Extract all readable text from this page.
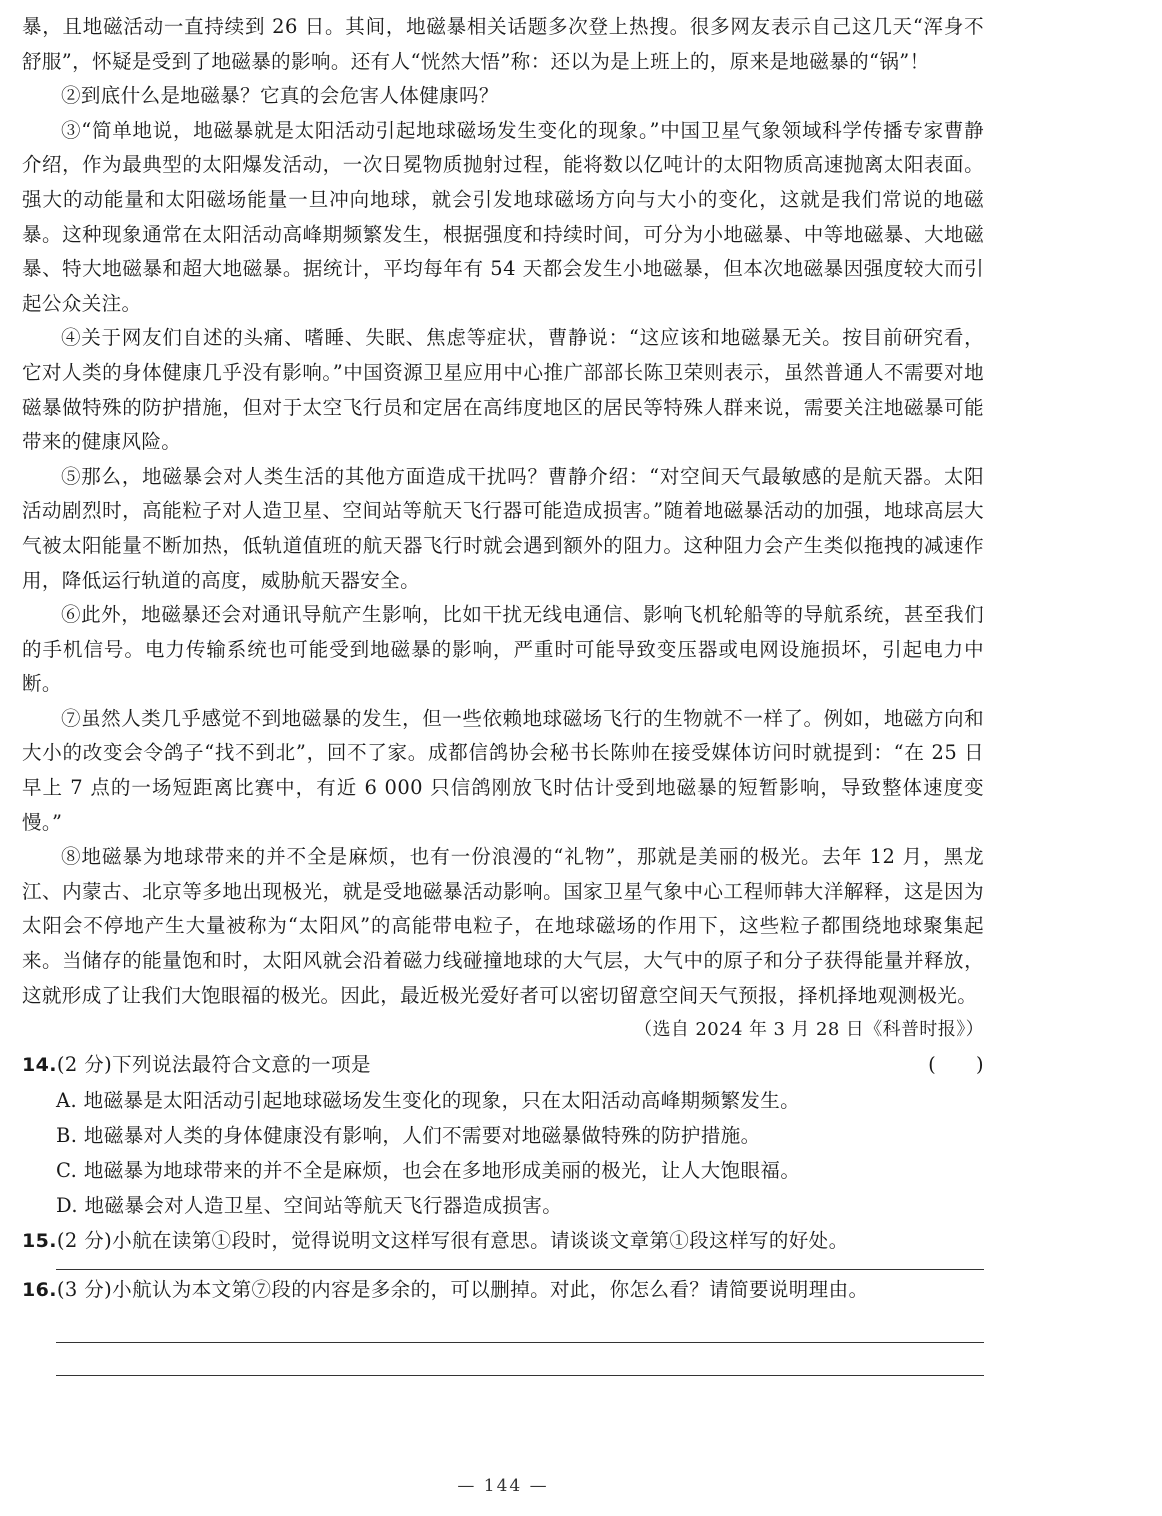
暴，且地磁活动一直持续到 26 日。其间，地磁暴相关话题多次登上热搜。很多网友表示自己这几天“浑身不舒服”，怀疑是受到了地磁暴的影响。还有人“恍然大悟”称：还以为是上班上的，原来是地磁暴的“锅”！

②到底什么是地磁暴？它真的会危害人体健康吗？

③“简单地说，地磁暴就是太阳活动引起地球磁场发生变化的现象。”中国卫星气象领域科学传播专家曹静介绍，作为最典型的太阳爆发活动，一次日冕物质抛射过程，能将数以亿吨计的太阳物质高速抛离太阳表面。强大的动能量和太阳磁场能量一旦冲向地球，就会引发地球磁场方向与大小的变化，这就是我们常说的地磁暴。这种现象通常在太阳活动高峰期频繁发生，根据强度和持续时间，可分为小地磁暴、中等地磁暴、大地磁暴、特大地磁暴和超大地磁暴。据统计，平均每年有 54 天都会发生小地磁暴，但本次地磁暴因强度较大而引起公众关注。

④关于网友们自述的头痛、嗜睡、失眠、焦虑等症状，曹静说：“这应该和地磁暴无关。按目前研究看，它对人类的身体健康几乎没有影响。”中国资源卫星应用中心推广部部长陈卫荣则表示，虽然普通人不需要对地磁暴做特殊的防护措施，但对于太空飞行员和定居在高纬度地区的居民等特殊人群来说，需要关注地磁暴可能带来的健康风险。

⑤那么，地磁暴会对人类生活的其他方面造成干扰吗？曹静介绍：“对空间天气最敏感的是航天器。太阳活动剧烈时，高能粒子对人造卫星、空间站等航天飞行器可能造成损害。”随着地磁暴活动的加强，地球高层大气被太阳能量不断加热，低轨道值班的航天器飞行时就会遇到额外的阻力。这种阻力会产生类似拖拽的减速作用，降低运行轨道的高度，威胁航天器安全。

⑥此外，地磁暴还会对通讯导航产生影响，比如干扰无线电通信、影响飞机轮船等的导航系统，甚至我们的手机信号。电力传输系统也可能受到地磁暴的影响，严重时可能导致变压器或电网设施损坏，引起电力中断。

⑦虽然人类几乎感觉不到地磁暴的发生，但一些依赖地球磁场飞行的生物就不一样了。例如，地磁方向和大小的改变会令鸽子“找不到北”，回不了家。成都信鸽协会秘书长陈帅在接受媒体访问时就提到：“在 25 日早上 7 点的一场短距离比赛中，有近 6 000 只信鸽刚放飞时估计受到地磁暴的短暂影响，导致整体速度变慢。”

⑧地磁暴为地球带来的并不全是麻烦，也有一份浪漫的“礼物”，那就是美丽的极光。去年 12 月，黑龙江、内蒙古、北京等多地出现极光，就是受地磁暴活动影响。国家卫星气象中心工程师韩大洋解释，这是因为太阳会不停地产生大量被称为“太阳风”的高能带电粒子，在地球磁场的作用下，这些粒子都围绕地球聚集起来。当储存的能量饱和时，太阳风就会沿着磁力线碰撞地球的大气层，大气中的原子和分子获得能量并释放，这就形成了让我们大饱眼福的极光。因此，最近极光爱好者可以密切留意空间天气预报，择机择地观测极光。

（选自 2024 年 3 月 28 日《科普时报》）

14.(2 分)下列说法最符合文意的一项是	(　　)
A. 地磁暴是太阳活动引起地球磁场发生变化的现象，只在太阳活动高峰期频繁发生。
B. 地磁暴对人类的身体健康没有影响，人们不需要对地磁暴做特殊的防护措施。
C. 地磁暴为地球带来的并不全是麻烦，也会在多地形成美丽的极光，让人大饱眼福。
D. 地磁暴会对人造卫星、空间站等航天飞行器造成损害。
15.(2 分)小航在读第①段时，觉得说明文这样写很有意思。请谈谈文章第①段这样写的好处。
16.(3 分)小航认为本文第⑦段的内容是多余的，可以删掉。对此，你怎么看？请简要说明理由。
— 144 —
